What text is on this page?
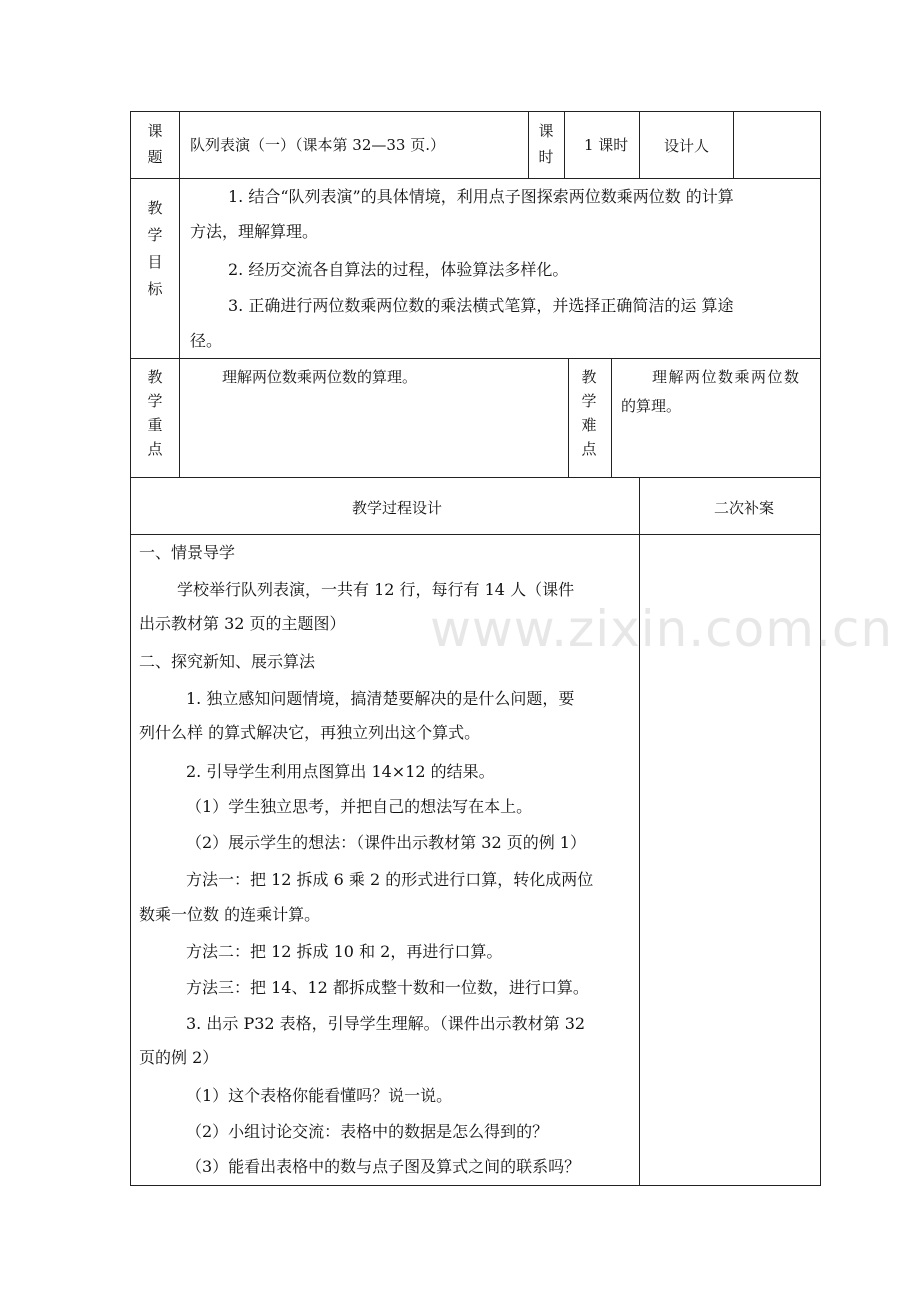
课题
队列表演（一）（课本第 32—33 页.）
课时
1 课时 设计人
教学目标
1. 结合“队列表演”的具体情境，利用点子图探索两位数乘两位数 的计算
方法，理解算理。
2. 经历交流各自算法的过程，体验算法多样化。
3. 正确进行两位数乘两位数的乘法横式笔算，并选择正确简洁的运 算途
径。
教学重点
理解两位数乘两位数的算理。	教学难点
理解两位数乘两位数
的算理。
教学过程设计	二次补案
一、情景导学
学校举行队列表演，一共有 12 行，每行有 14 人（课件
出示教材第 32 页的主题图）
二、探究新知、展示算法
1. 独立感知问题情境，搞清楚要解决的是什么问题，要
列什么样 的算式解决它，再独立列出这个算式。
2. 引导学生利用点图算出 14×12 的结果。
（1）学生独立思考，并把自己的想法写在本上。
（2）展示学生的想法：（课件出示教材第 32 页的例 1）
方法一：把 12 拆成 6 乘 2 的形式进行口算，转化成两位
数乘一位数 的连乘计算。
方法二：把 12 拆成 10 和 2，再进行口算。
方法三：把 14、12 都拆成整十数和一位数，进行口算。
3. 出示 P32 表格，引导学生理解。（课件出示教材第 32
页的例 2）
（1）这个表格你能看懂吗？说一说。
（2）小组讨论交流：表格中的数据是怎么得到的？
（3）能看出表格中的数与点子图及算式之间的联系吗？
www.zixin.com.cn
